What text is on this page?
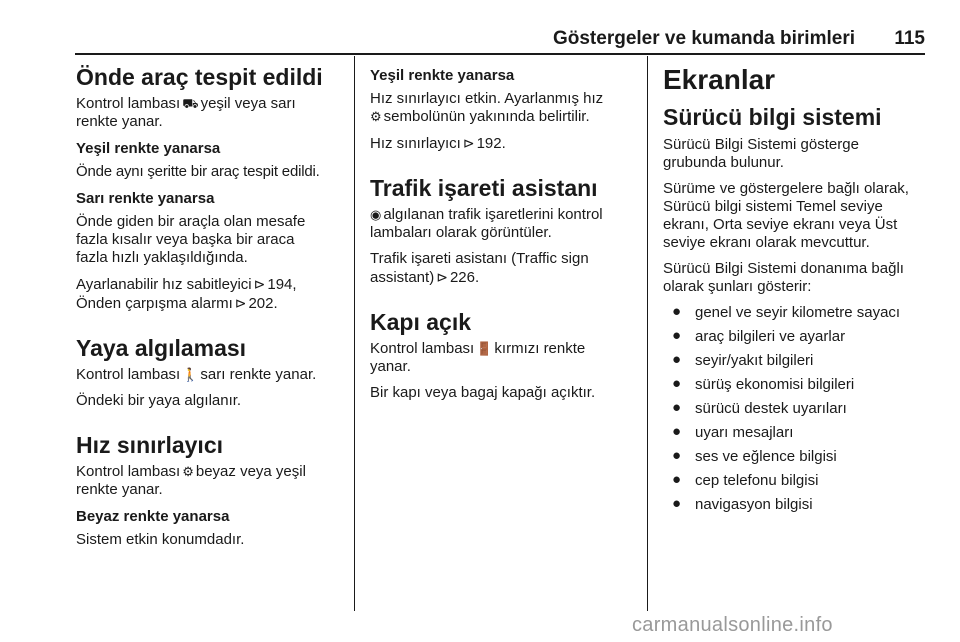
Göstergeler ve kumanda birimleri 115
Önde araç tespit edildi

Kontrol lambası ⛟ yeşil veya sarı
renkte yanar.

Yeşil renkte yanarsa

Önde aynı şeritte bir araç tespit edildi.

Sarı renkte yanarsa

Önde giden bir araçla olan mesafe
fazla kısalır veya başka bir araca
fazla hızlı yaklaşıldığında.

Ayarlanabilir hız sabitleyici ⊳ 194,
Önden çarpışma alarmı ⊳ 202.

Yaya algılaması

Kontrol lambası 🚶 sarı renkte yanar.

Öndeki bir yaya algılanır.

Hız sınırlayıcı

Kontrol lambası ⚙ beyaz veya yeşil
renkte yanar.

Beyaz renkte yanarsa

Sistem etkin konumdadır.

Yeşil renkte yanarsa

Hız sınırlayıcı etkin. Ayarlanmış hız
⚙ sembolünün yakınında belirtilir.

Hız sınırlayıcı ⊳ 192.

Trafik işareti asistanı

◉ algılanan trafik işaretlerini kontrol
lambaları olarak görüntüler.

Trafik işareti asistanı (Traffic sign
assistant) ⊳ 226.

Kapı açık

Kontrol lambası 🚪 kırmızı renkte
yanar.

Bir kapı veya bagaj kapağı açıktır.

Ekranlar
Sürücü bilgi sistemi

Sürücü Bilgi Sistemi gösterge
grubunda bulunur.

Sürüme ve göstergelere bağlı olarak,
Sürücü bilgi sistemi Temel seviye
ekranı, Orta seviye ekranı veya Üst
seviye ekranı olarak mevcuttur.

Sürücü Bilgi Sistemi donanıma bağlı
olarak şunları gösterir:

● genel ve seyir kilometre sayacı
● araç bilgileri ve ayarlar
● seyir/yakıt bilgileri
● sürüş ekonomisi bilgileri
● sürücü destek uyarıları
● uyarı mesajları
● ses ve eğlence bilgisi
● cep telefonu bilgisi
● navigasyon bilgisi
carmanualsonline.info
